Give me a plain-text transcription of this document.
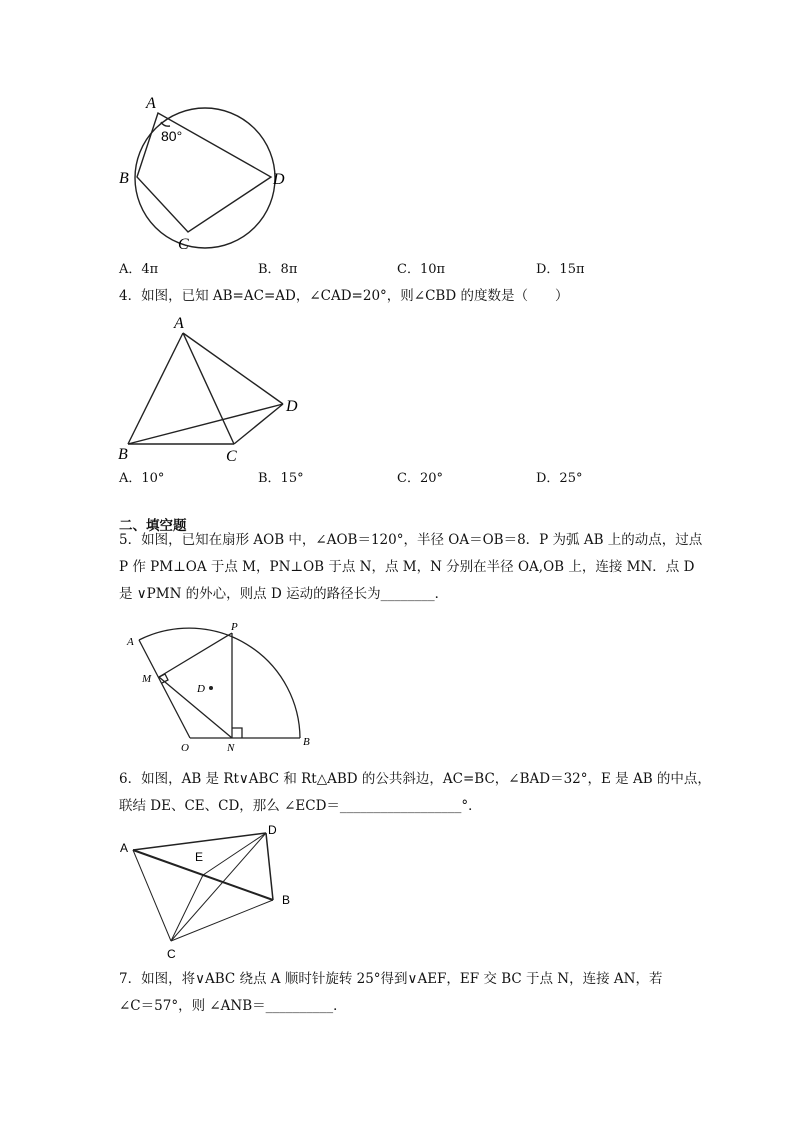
A
B
C
D
80°
A．4π	B．8π	C．10π	D．15π
4．如图，已知 AB=AC=AD，∠CAD=20°，则∠CBD 的度数是（　　）
A
B	C
D
A．10°	B．15°	C．20°	D．25°
二、填空题
5．如图，已知在扇形 AOB 中，∠AOB＝120°，半径 OA＝OB＝8．P 为弧 AB 上的动点，过点
P 作 PM⊥OA 于点 M，PN⊥OB 于点 N，点 M，N 分别在半径 OA,OB 上，连接 MN．点 D
是 ∨PMN 的外心，则点 D 运动的路径长为________．
A
P
M
D
O	N	B
6．如图，AB 是 Rt∨ABC 和 Rt△ABD 的公共斜边，AC=BC，∠BAD＝32°，E 是 AB 的中点，
联结 DE、CE、CD，那么 ∠ECD＝__________________°．
A
D
E
B
C
7．如图，将∨ABC 绕点 A 顺时针旋转 25°得到∨AEF，EF 交 BC 于点 N，连接 AN，若
∠C＝57°，则 ∠ANB＝__________．
